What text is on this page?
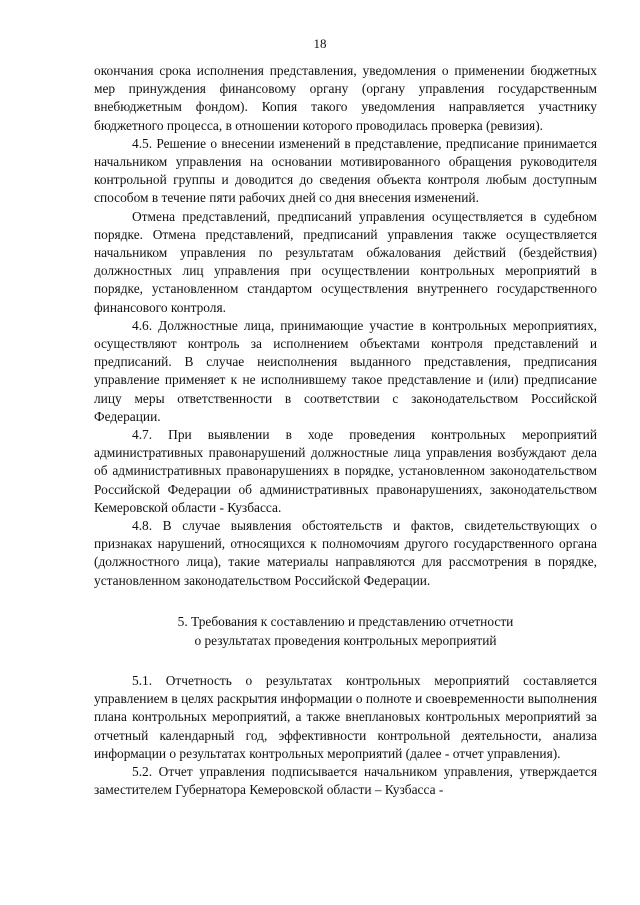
18

окончания срока исполнения представления, уведомления о применении бюджетных мер принуждения финансовому органу (органу управления государственным внебюджетным фондом). Копия такого уведомления направляется участнику бюджетного процесса, в отношении которого проводилась проверка (ревизия).

4.5. Решение о внесении изменений в представление, предписание принимается начальником управления на основании мотивированного обращения руководителя контрольной группы и доводится до сведения объекта контроля любым доступным способом в течение пяти рабочих дней со дня внесения изменений.

Отмена представлений, предписаний управления осуществляется в судебном порядке. Отмена представлений, предписаний управления также осуществляется начальником управления по результатам обжалования действий (бездействия) должностных лиц управления при осуществлении контрольных мероприятий в порядке, установленном стандартом осуществления внутреннего государственного финансового контроля.

4.6. Должностные лица, принимающие участие в контрольных мероприятиях, осуществляют контроль за исполнением объектами контроля представлений и предписаний. В случае неисполнения выданного представления, предписания управление применяет к не исполнившему такое представление и (или) предписание лицу меры ответственности в соответствии с законодательством Российской Федерации.

4.7. При выявлении в ходе проведения контрольных мероприятий административных правонарушений должностные лица управления возбуждают дела об административных правонарушениях в порядке, установленном законодательством Российской Федерации об административных правонарушениях, законодательством Кемеровской области - Кузбасса.

4.8. В случае выявления обстоятельств и фактов, свидетельствующих о признаках нарушений, относящихся к полномочиям другого государственного органа (должностного лица), такие материалы направляются для рассмотрения в порядке, установленном законодательством Российской Федерации.

5. Требования к составлению и представлению отчетности
о результатах проведения контрольных мероприятий

5.1. Отчетность о результатах контрольных мероприятий составляется управлением в целях раскрытия информации о полноте и своевременности выполнения плана контрольных мероприятий, а также внеплановых контрольных мероприятий за отчетный календарный год, эффективности контрольной деятельности, анализа информации о результатах контрольных мероприятий (далее - отчет управления).

5.2. Отчет управления подписывается начальником управления, утверждается заместителем Губернатора Кемеровской области – Кузбасса -
